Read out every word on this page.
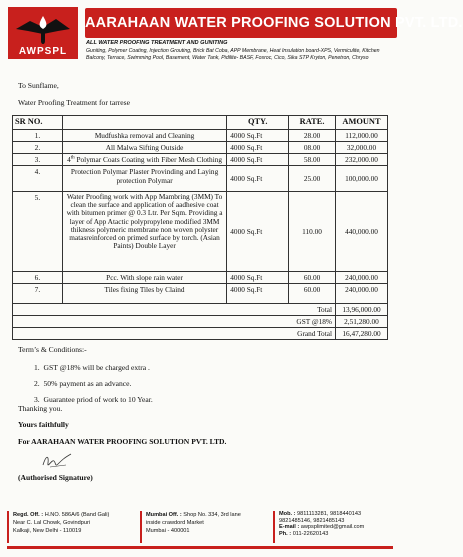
AWPSPL
AARAHAAN WATER PROOFING SOLUTION PVT. LTD.
ALL WATER PROOFING TREATMENT AND GUNITING
Guniting, Polymer Coating, Injection Grouting, Brick Bat Coba, APP Membrane, Heat Insulation board-XPS, Vermiculite, Kitchen Balcony, Terrace, Swimming Pool, Basement, Water Tank, Pidilite- BASF, Fosroc, Cico, Sika STP Kryton, Penetron, Chryso
To Sunflame,
Water Proofing Treatment for tarrese
SR NO.		QTY.	RATE.	AMOUNT
1.	Mudfushka removal and Cleaning	4000 Sq.Ft	28.00	112,000.00
2.	All Malwa Sifting Outside	4000 Sq.Ft	08.00	32,000.00
3.	4th Polymar Coats Coating with Fiber Mesh Clothing	4000 Sq.Ft	58.00	232,000.00
4.	Protection Polymar Plaster Provinding and Laying protection Polymar	4000 Sq.Ft	25.00	100,000.00
5.	Water Proofing work with App Mambring (3MM) To clean the surface and application of aadhesive coat with bitumen primer @ 0.3 Ltr. Per Sqm. Providing a layer of App Atactic polypropylene modified 3MM thikness polymeric membrane non woven polyster matasreinforced on primed surface by torch. (Asian Paints) Double Layer	4000 Sq.Ft	110.00	440,000.00
6.	Pcc. With slope rain water	4000 Sq.Ft	60.00	240,000.00
7.	Tiles fixing Tiles by Claind	4000 Sq.Ft	60.00	240,000.00
Total				13,96,000.00
GST @18%				2,51,280.00
Grand Total				16,47,280.00
Term’s & Conditions:-
1.  GST @18% will be charged extra .
2.  50% payment as an advance.
3.  Guarantee priod of work to 10 Year.
Thanking you.
Yours faithfully
For AARAHAAN WATER PROOFING SOLUTION PVT. LTD.
(Authorised Signature)
Regd. Off. : H.NO. 586A/6 (Band Gali)
Near C. Lal Chowk, Govindpuri
Kalkaji, New Delhi - 110019
Mumbai Off. : Shop No. 334, 3rd lane
inside crawdord Market
Mumbai - 400001
Mob. : 9811113281, 9818440143
9821485146, 9821485143
E-mail : awpsplimited@gmail.com
Ph. : 011-22620143
